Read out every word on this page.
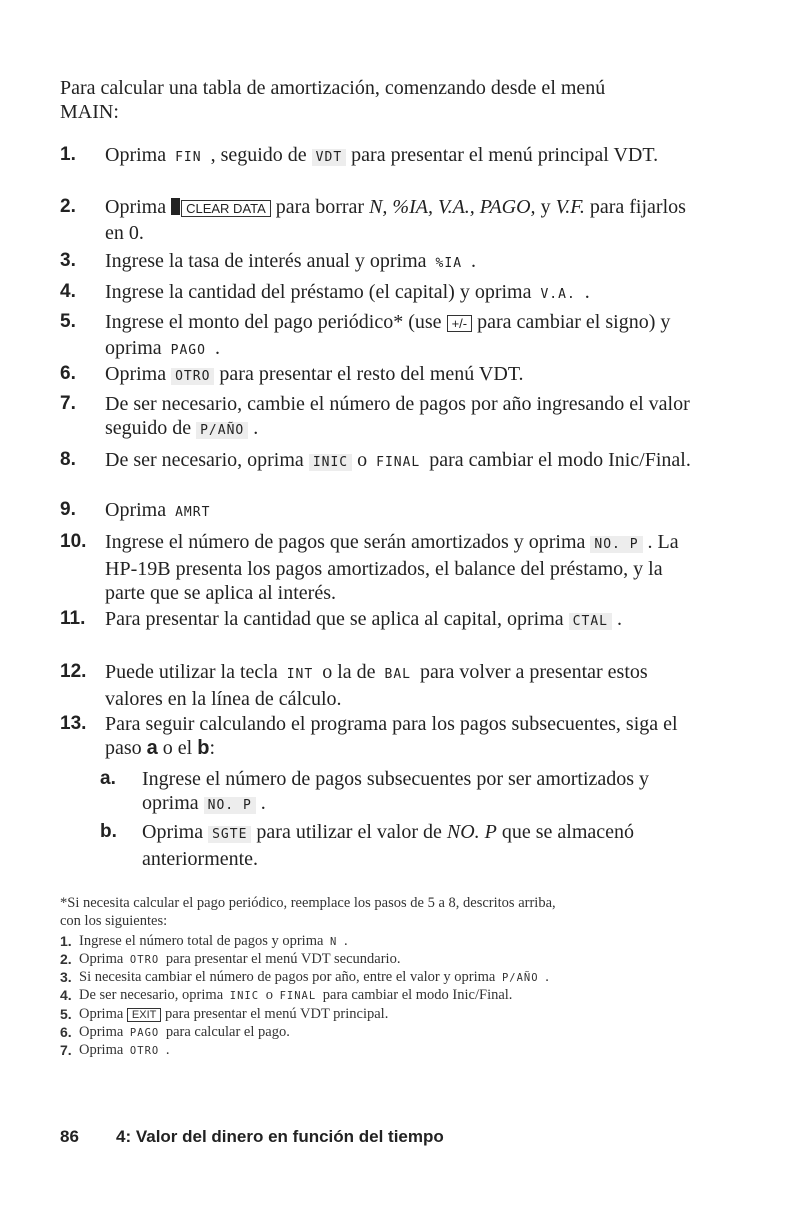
Para calcular una tabla de amortización, comenzando desde el menú
MAIN:
1.	Oprima FIN , seguido de VDT para presentar el menú principal VDT.
2.	Oprima CLEAR DATA para borrar N, %IA, V.A., PAGO, y V.F. para fijarlos en 0.
3.	Ingrese la tasa de interés anual y oprima %IA .
4.	Ingrese la cantidad del préstamo (el capital) y oprima V.A. .
5.	Ingrese el monto del pago periódico* (use +/- para cambiar el signo) y oprima PAGO .
6.	Oprima OTRO para presentar el resto del menú VDT.
7.	De ser necesario, cambie el número de pagos por año ingresando el valor seguido de P/AÑO .
8.	De ser necesario, oprima INIC o FINAL para cambiar el modo Inic/Final.
9.	Oprima AMRT
10. Ingrese el número de pagos que serán amortizados y oprima NO. P . La HP-19B presenta los pagos amortizados, el balance del préstamo, y la parte que se aplica al interés.
11. Para presentar la cantidad que se aplica al capital, oprima CTAL .
12. Puede utilizar la tecla INT o la de BAL para volver a presentar estos valores en la línea de cálculo.
13. Para seguir calculando el programa para los pagos subsecuentes, siga el paso a o el b:
a.	Ingrese el número de pagos subsecuentes por ser amortizados y oprima NO. P .
b.	Oprima SGTE para utilizar el valor de NO. P que se almacenó anteriormente.
*Si necesita calcular el pago periódico, reemplace los pasos de 5 a 8, descritos arriba,
con los siguientes:
1. Ingrese el número total de pagos y oprima N .
2. Oprima OTRO para presentar el menú VDT secundario.
3. Si necesita cambiar el número de pagos por año, entre el valor y oprima P/AÑO .
4. De ser necesario, oprima INIC o FINAL para cambiar el modo Inic/Final.
5. Oprima EXIT para presentar el menú VDT principal.
6. Oprima PAGO para calcular el pago.
7. Oprima OTRO .
86 4: Valor del dinero en función del tiempo
